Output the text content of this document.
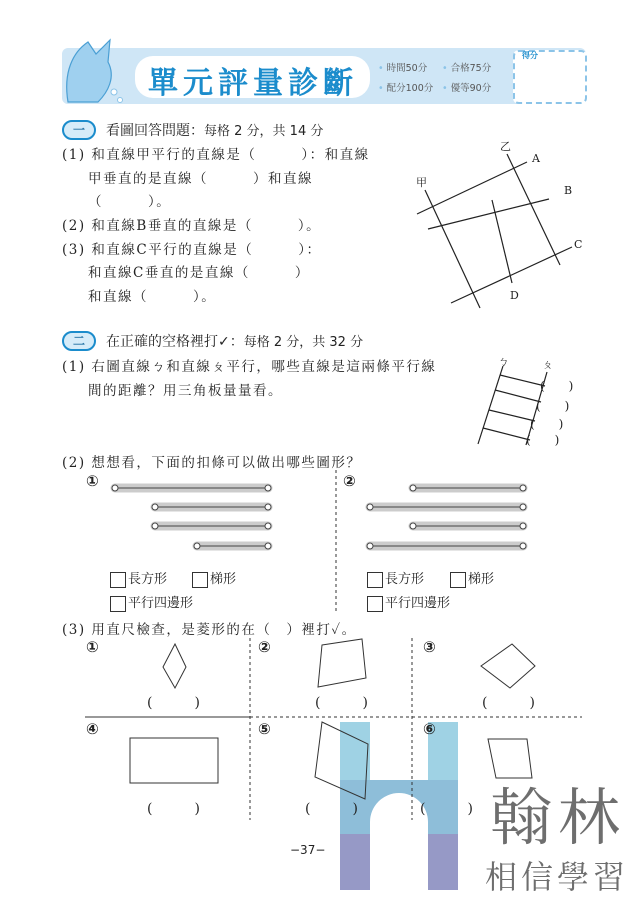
單元評量診斷	• 時間50分	• 合格75分
• 配分100分	• 優等90分
得分
一	看圖回答問題：每格 2 分，共 14 分
(1) 和直線甲平行的直線是（　　　）：和直線
甲垂直的是直線（　　　）和直線
（　　　）。
(2) 和直線B垂直的直線是（　　　）。
(3) 和直線C平行的直線是（　　　）：
和直線C垂直的是直線（　　　）
和直線（　　　）。
甲
乙
A
B
C
D
ㄅ	ㄆ
(　　)
(　　)
(　　)
(　　)
二	在正確的空格裡打✓：每格 2 分，共 32 分
(1) 右圖直線ㄅ和直線ㄆ平行，哪些直線是這兩條平行線
間的距離？用三角板量量看。
(2) 想想看，下面的扣條可以做出哪些圖形？
①	②
長方形	梯形
平行四邊形
長方形	梯形
平行四邊形
(3) 用直尺檢查，是菱形的在（　）裡打✓。
①	②	③
④	⑤	⑥
(　　　)	(　　　)	(　　　)
(　　　)	(　　　)	(　　　)
−37−	翰林
相信學習
